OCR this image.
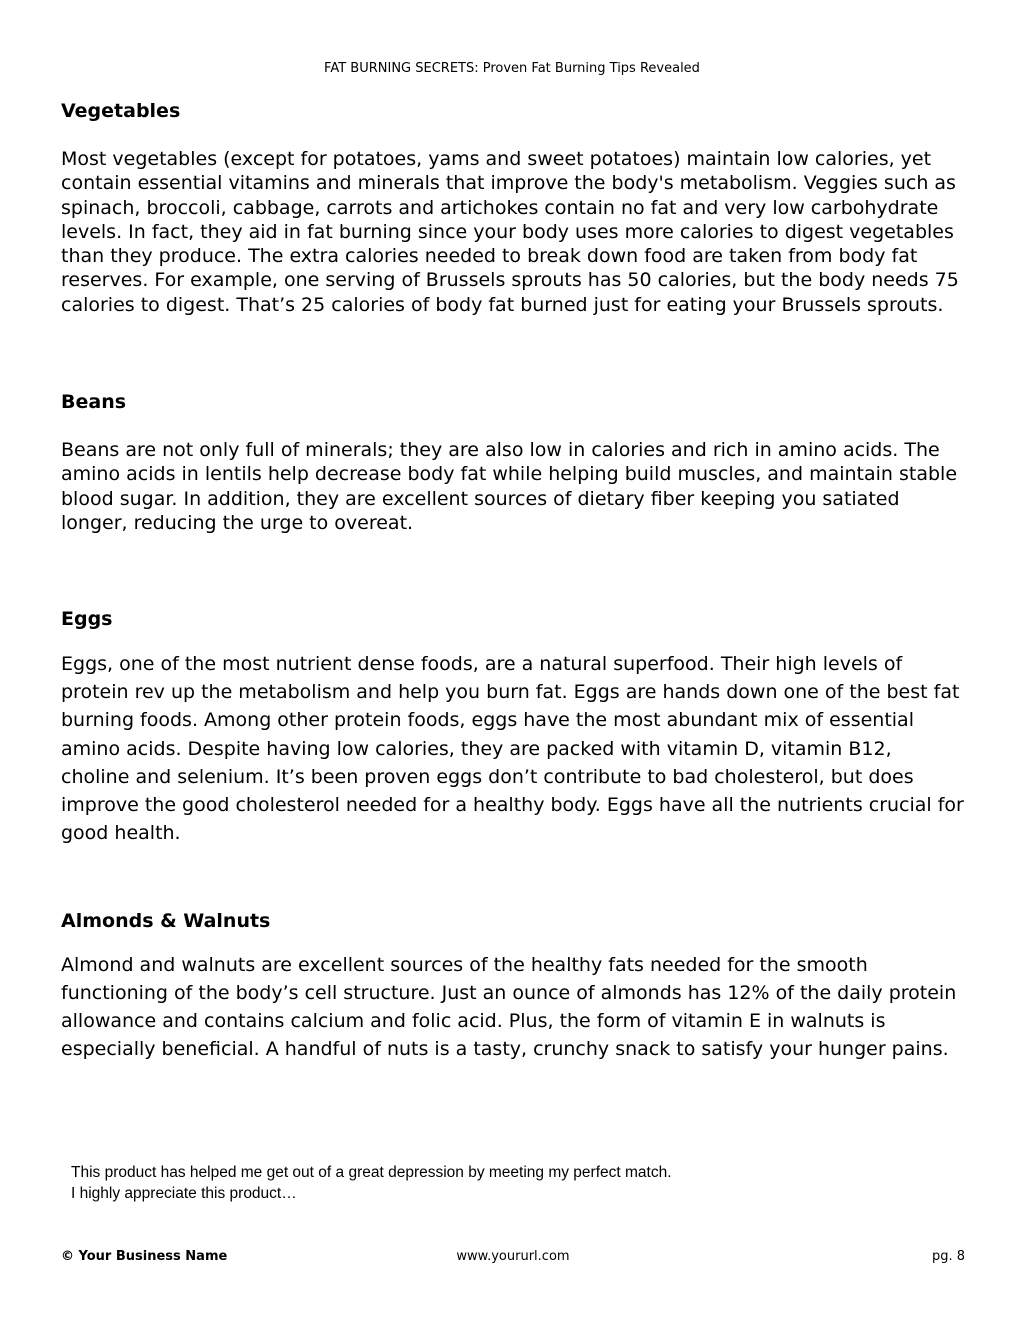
FAT BURNING SECRETS: Proven Fat Burning Tips Revealed
Vegetables

Most vegetables (except for potatoes, yams and sweet potatoes) maintain low calories, yet contain essential vitamins and minerals that improve the body's metabolism. Veggies such as spinach, broccoli, cabbage, carrots and artichokes contain no fat and very low carbohydrate levels. In fact, they aid in fat burning since your body uses more calories to digest vegetables than they produce. The extra calories needed to break down food are taken from body fat reserves. For example, one serving of Brussels sprouts has 50 calories, but the body needs 75 calories to digest. That’s 25 calories of body fat burned just for eating your Brussels sprouts.

Beans

Beans are not only full of minerals; they are also low in calories and rich in amino acids. The amino acids in lentils help decrease body fat while helping build muscles, and maintain stable blood sugar. In addition, they are excellent sources of dietary fiber keeping you satiated longer, reducing the urge to overeat.

Eggs

Eggs, one of the most nutrient dense foods, are a natural superfood. Their high levels of protein rev up the metabolism and help you burn fat. Eggs are hands down one of the best fat burning foods. Among other protein foods, eggs have the most abundant mix of essential amino acids. Despite having low calories, they are packed with vitamin D, vitamin B12, choline and selenium. It’s been proven eggs don’t contribute to bad cholesterol, but does improve the good cholesterol needed for a healthy body. Eggs have all the nutrients crucial for good health.

Almonds & Walnuts

Almond and walnuts are excellent sources of the healthy fats needed for the smooth functioning of the body’s cell structure. Just an ounce of almonds has 12% of the daily protein allowance and contains calcium and folic acid. Plus, the form of vitamin E in walnuts is especially beneficial. A handful of nuts is a tasty, crunchy snack to satisfy your hunger pains.

This product has helped me get out of a great depression by meeting my perfect match.
I highly appreciate this product…
www.yoururl.com
© Your Business Name	pg. 8
